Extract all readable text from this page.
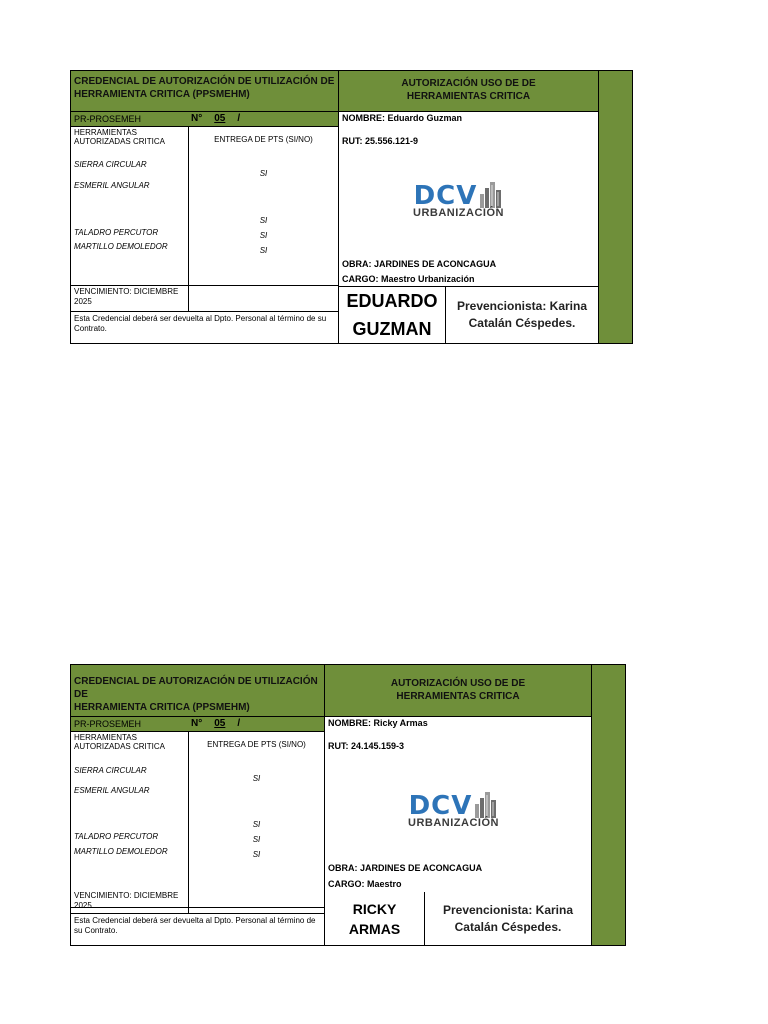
CREDENCIAL DE AUTORIZACIÓN DE UTILIZACIÓN DE
HERRAMIENTA CRITICA (PPSMEHM)
AUTORIZACIÓN USO DE DE
HERRAMIENTAS CRITICA
PR-PROSEMEH	N° 05 /
HERRAMIENTAS
AUTORIZADAS CRITICA
SIERRA CIRCULAR
ESMERIL ANGULAR
TALADRO PERCUTOR
MARTILLO DEMOLEDOR
ENTREGA DE PTS (SI/NO)
SI
SI
SI
SI
NOMBRE: Eduardo Guzman
RUT: 25.556.121-9
DCV
URBANIZACIÓN
OBRA: JARDINES DE ACONCAGUA
CARGO: Maestro Urbanización
VENCIMIENTO: DICIEMBRE
2025
Esta Credencial deberá ser devuelta al Dpto. Personal al término de su Contrato.
EDUARDO
GUZMAN
Prevencionista: Karina
Catalán Céspedes.
CREDENCIAL DE AUTORIZACIÓN DE UTILIZACIÓN DE
HERRAMIENTA CRITICA (PPSMEHM)
AUTORIZACIÓN USO DE DE
HERRAMIENTAS CRITICA
PR-PROSEMEH	N° 05 /
HERRAMIENTAS
AUTORIZADAS CRITICA
SIERRA CIRCULAR
ESMERIL ANGULAR
TALADRO PERCUTOR
MARTILLO DEMOLEDOR
ENTREGA DE PTS (SI/NO)
SI
SI
SI
SI
NOMBRE: Ricky Armas
RUT: 24.145.159-3
DCV
URBANIZACIÓN
OBRA: JARDINES DE ACONCAGUA
CARGO: Maestro
VENCIMIENTO: DICIEMBRE
2025
Esta Credencial deberá ser devuelta al Dpto. Personal al término de su Contrato.
RICKY
ARMAS
Prevencionista: Karina
Catalán Céspedes.
